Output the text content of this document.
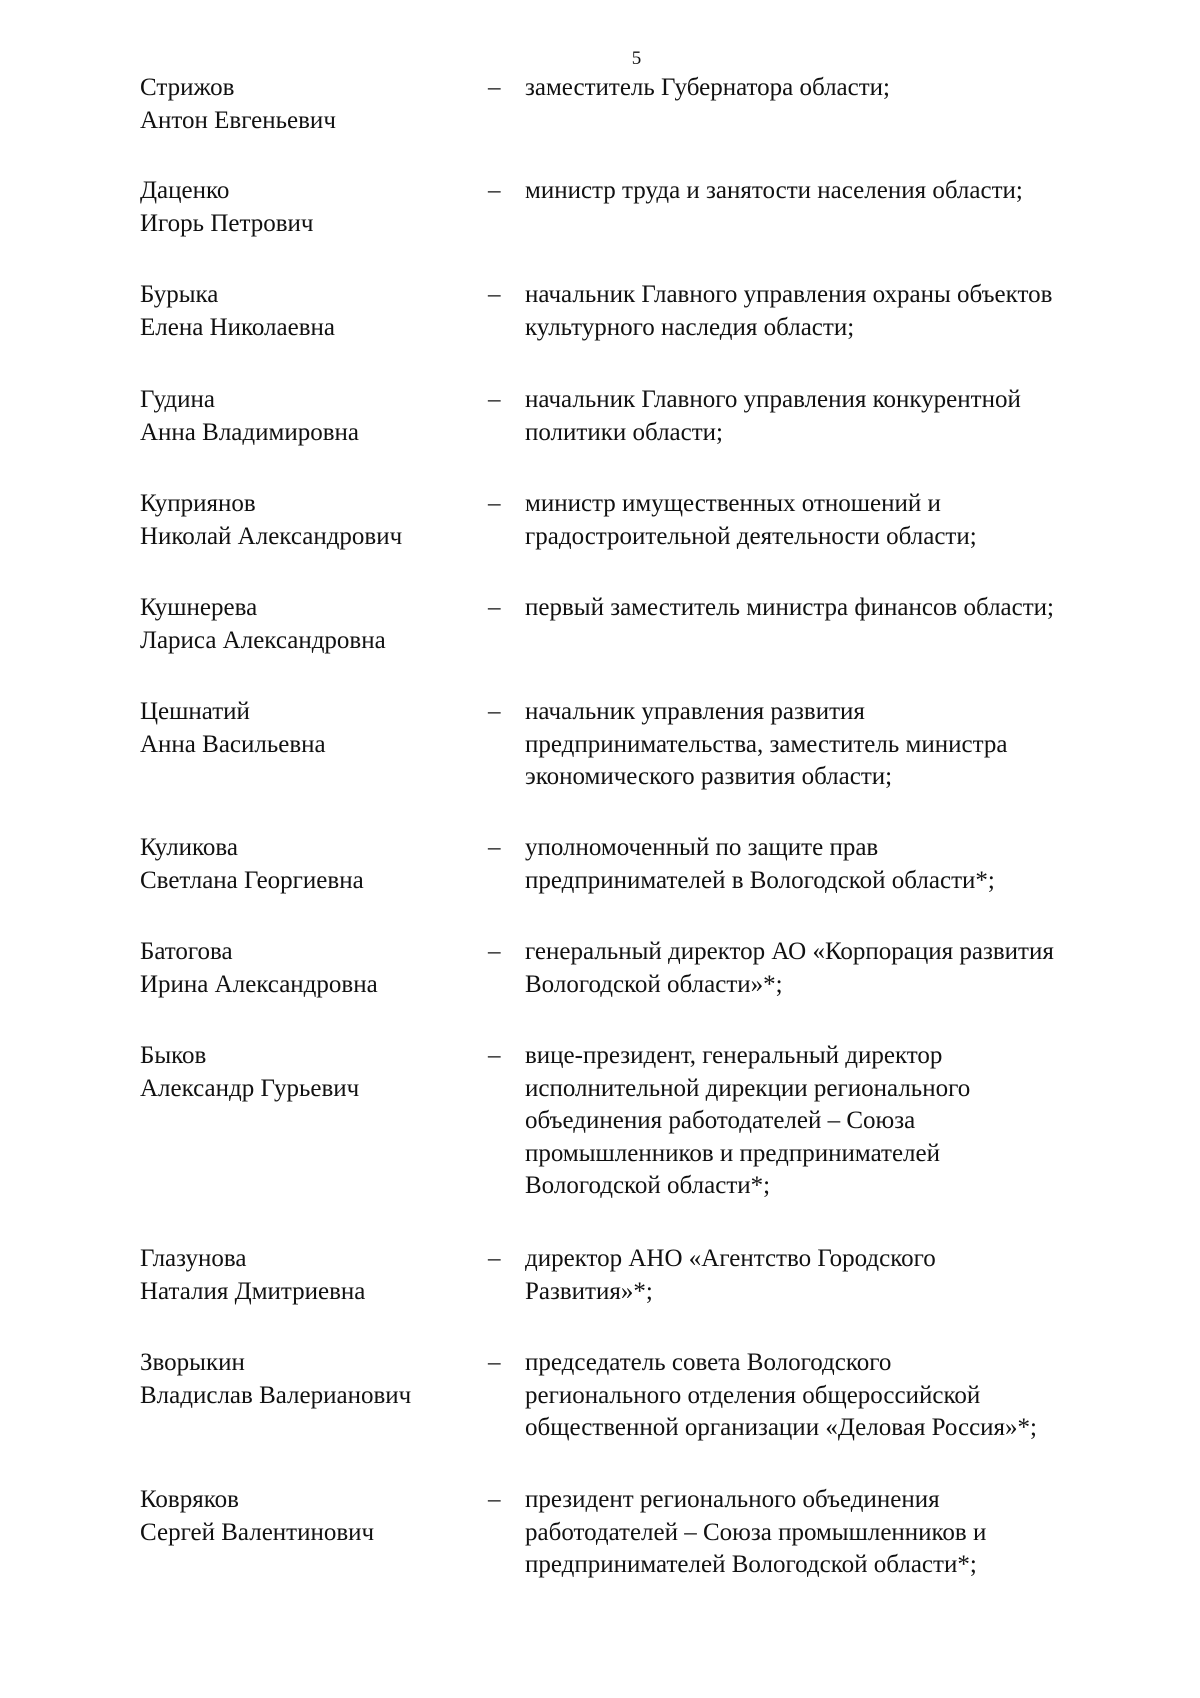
5
Стрижов
Антон Евгеньевич
– заместитель Губернатора области;
Даценко
Игорь Петрович
– министр труда и занятости населения области;
Бурыка
Елена Николаевна
– начальник Главного управления охраны объектов
культурного наследия области;
Гудина
Анна Владимировна
– начальник Главного управления конкурентной
политики области;
Куприянов
Николай Александрович
– министр имущественных отношений и
градостроительной деятельности области;
Кушнерева
Лариса Александровна
– первый заместитель министра финансов области;
Цешнатий
Анна Васильевна
– начальник управления развития
предпринимательства, заместитель министра
экономического развития области;
Куликова
Светлана Георгиевна
– уполномоченный по защите прав
предпринимателей в Вологодской области*;
Батогова
Ирина Александровна
– генеральный директор АО «Корпорация развития
Вологодской области»*;
Быков
Александр Гурьевич
– вице-президент, генеральный директор
исполнительной дирекции регионального
объединения работодателей – Союза
промышленников и предпринимателей
Вологодской области*;
Глазунова
Наталия Дмитриевна
– директор АНО «Агентство Городского
Развития»*;
Зворыкин
Владислав Валерианович
– председатель совета Вологодского
регионального отделения общероссийской
общественной организации «Деловая Россия»*;
Ковряков
Сергей Валентинович
– президент регионального объединения
работодателей – Союза промышленников и
предпринимателей Вологодской области*;
